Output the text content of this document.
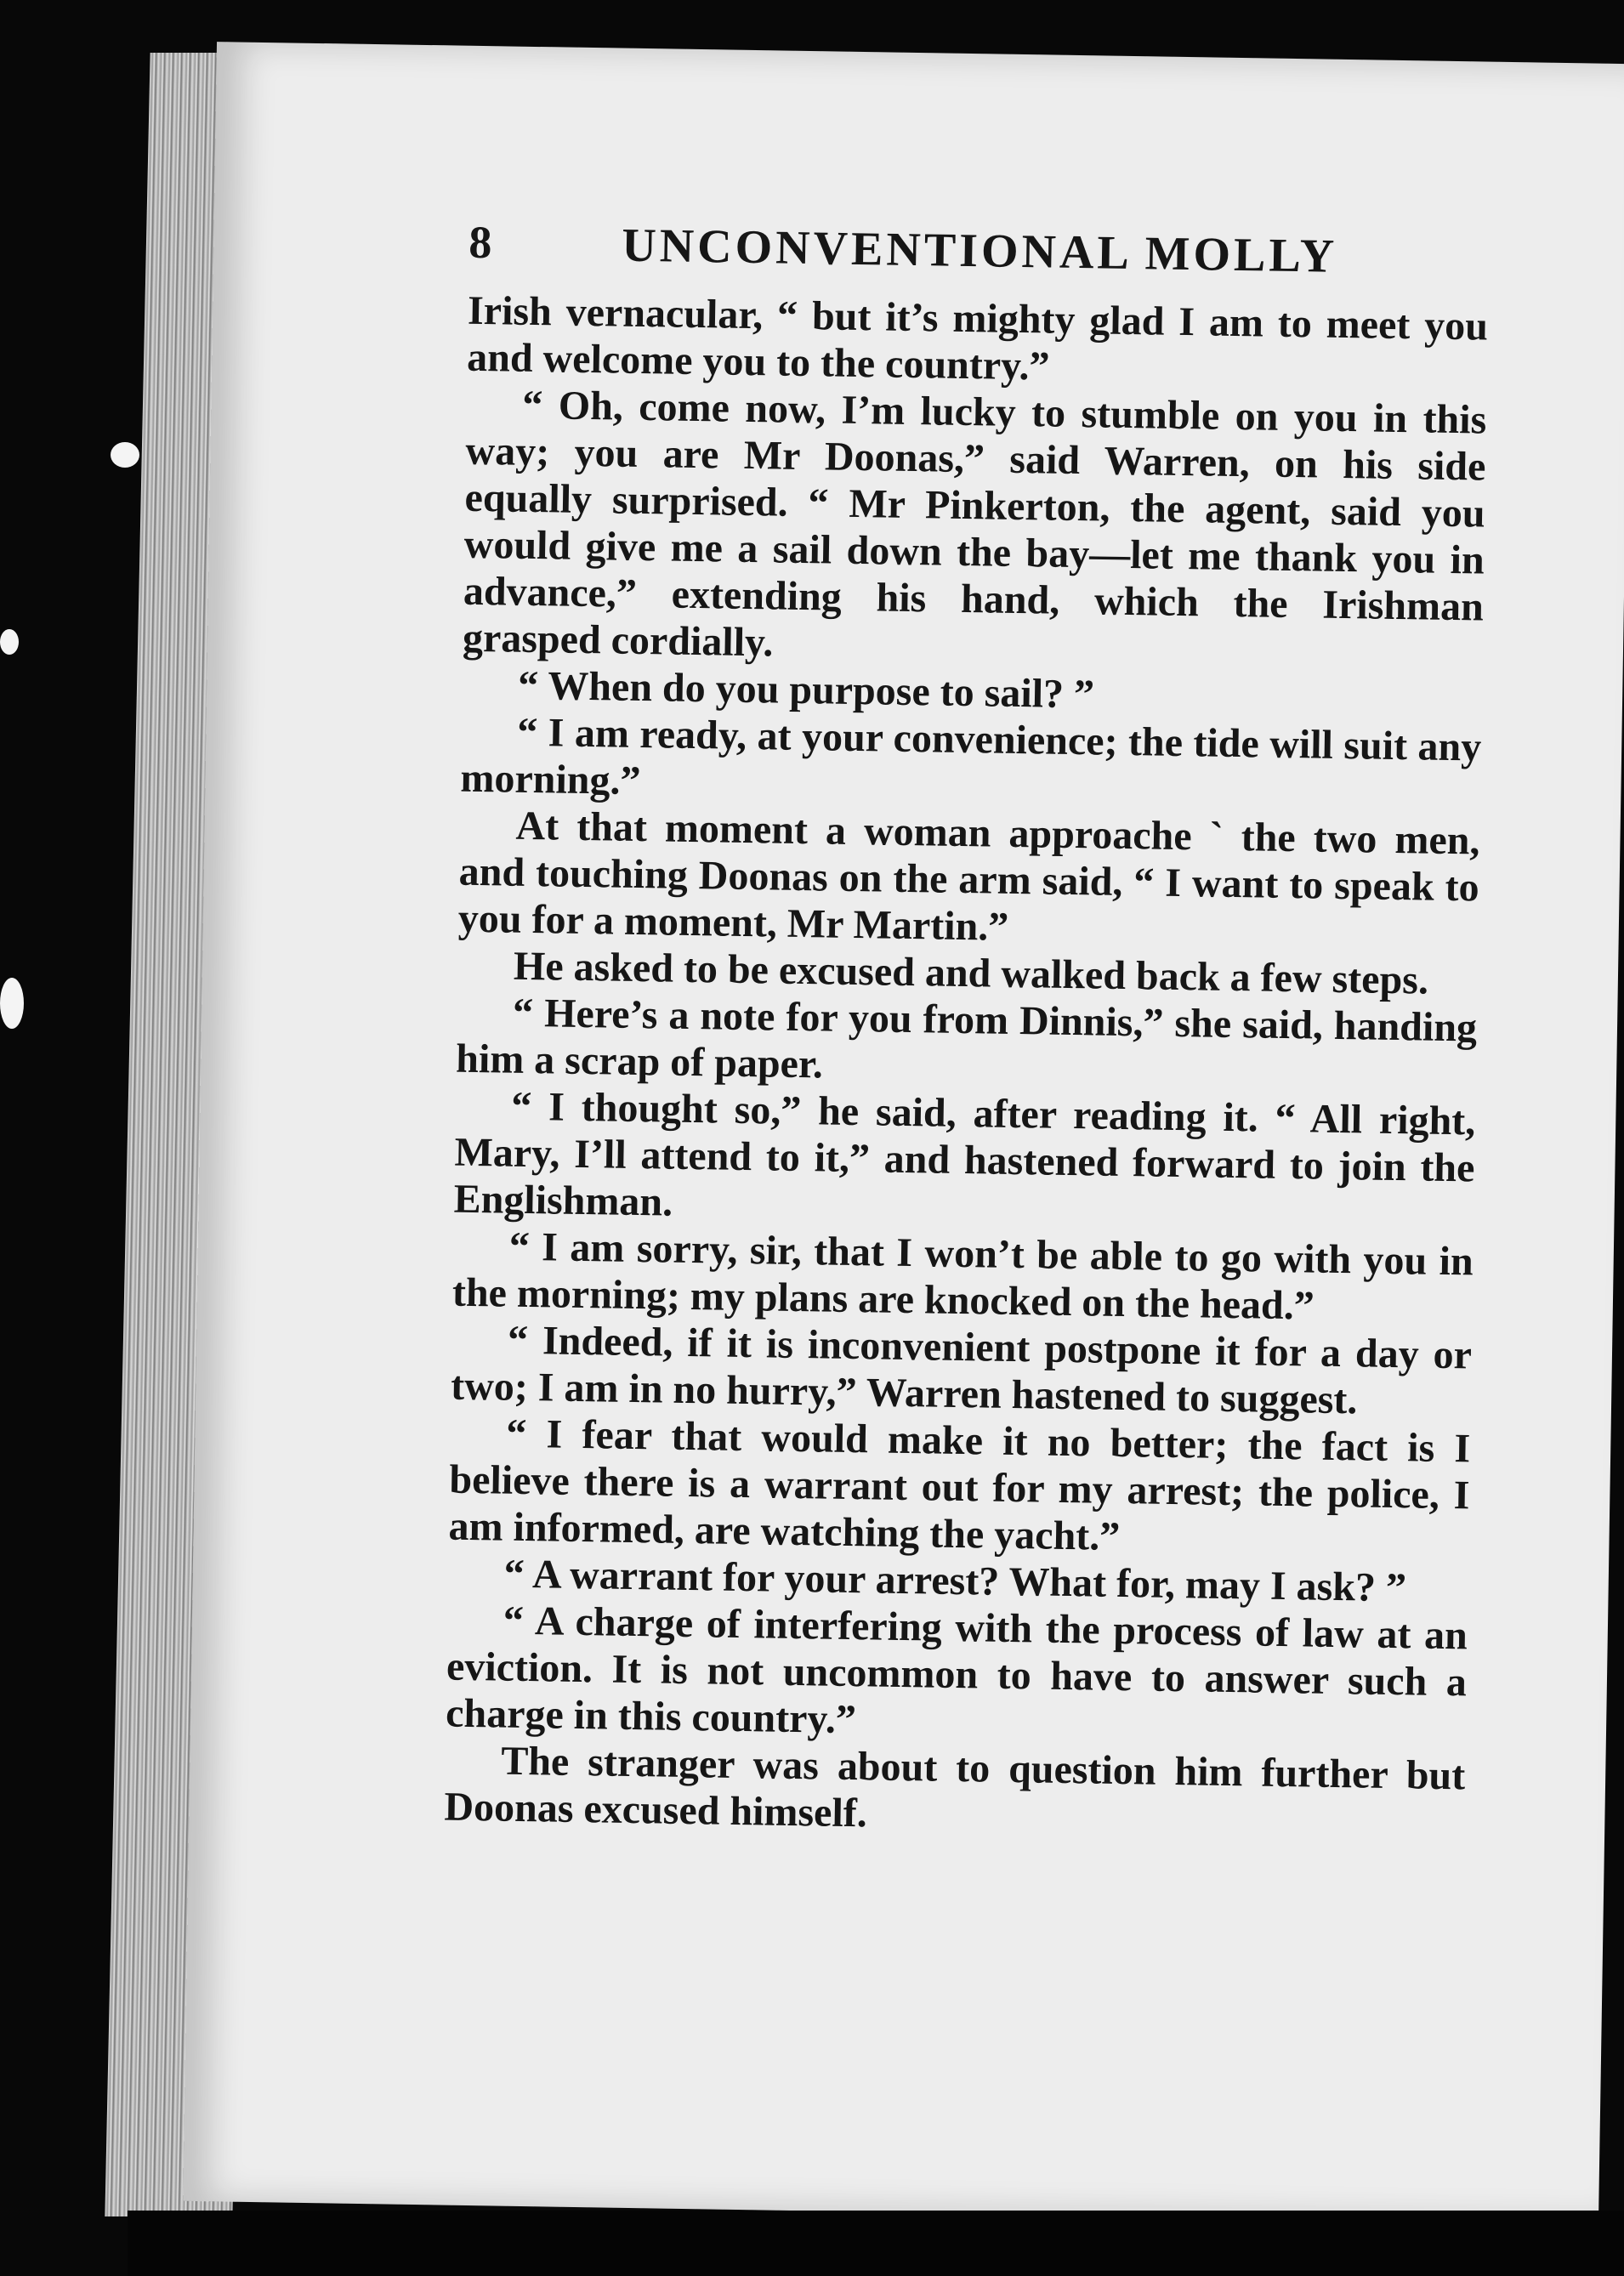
8	UNCONVENTIONAL MOLLY

Irish vernacular, “ but it’s mighty glad I am to meet you and welcome you to the country.”

“ Oh, come now, I’m lucky to stumble on you in this way; you are Mr Doonas,” said Warren, on his side equally surprised. “ Mr Pinkerton, the agent, said you would give me a sail down the bay—let me thank you in advance,” extending his hand, which the Irishman grasped cordially.

“ When do you purpose to sail? ”

“ I am ready, at your convenience; the tide will suit any morning.”

At that moment a woman approache ` the two men, and touching Doonas on the arm said, “ I want to speak to you for a moment, Mr Martin.”

He asked to be excused and walked back a few steps.

“ Here’s a note for you from Dinnis,” she said, handing him a scrap of paper.

“ I thought so,” he said, after reading it. “ All right, Mary, I’ll attend to it,” and hastened forward to join the Englishman.

“ I am sorry, sir, that I won’t be able to go with you in the morning; my plans are knocked on the head.”

“ Indeed, if it is inconvenient postpone it for a day or two; I am in no hurry,” Warren hastened to suggest.

“ I fear that would make it no better; the fact is I believe there is a warrant out for my arrest; the police, I am informed, are watching the yacht.”

“ A warrant for your arrest? What for, may I ask? ”

“ A charge of interfering with the process of law at an eviction. It is not uncommon to have to answer such a charge in this country.”

The stranger was about to question him further but Doonas excused himself.
